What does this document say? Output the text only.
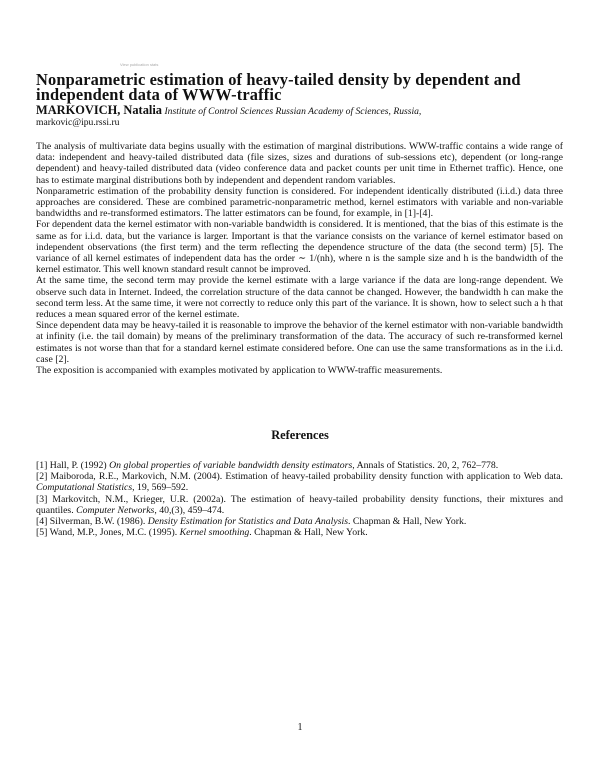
View publication stats
Nonparametric estimation of heavy-tailed density by dependent and independent data of WWW-traffic
MARKOVICH, Natalia Institute of Control Sciences Russian Academy of Sciences, Russia,
markovic@ipu.rssi.ru

The analysis of multivariate data begins usually with the estimation of marginal distributions. WWW-traffic contains a wide range of data: independent and heavy-tailed distributed data (file sizes, sizes and durations of sub-sessions etc), dependent (or long-range dependent) and heavy-tailed distributed data (video conference data and packet counts per unit time in Ethernet traffic). Hence, one has to estimate marginal distributions both by independent and dependent random variables.

Nonparametric estimation of the probability density function is considered. For independent identically distributed (i.i.d.) data three approaches are considered. These are combined parametric-nonparametric method, kernel estimators with variable and non-variable bandwidths and re-transformed estimators. The latter estimators can be found, for example, in [1]-[4].

For dependent data the kernel estimator with non-variable bandwidth is considered. It is mentioned, that the bias of this estimate is the same as for i.i.d. data, but the variance is larger. Important is that the variance consists on the variance of kernel estimator based on independent observations (the first term) and the term reflecting the dependence structure of the data (the second term) [5]. The variance of all kernel estimates of independent data has the order ∼ 1/(nh), where n is the sample size and h is the bandwidth of the kernel estimator. This well known standard result cannot be improved.

At the same time, the second term may provide the kernel estimate with a large variance if the data are long-range dependent. We observe such data in Internet. Indeed, the correlation structure of the data cannot be changed. However, the bandwidth h can make the second term less. At the same time, it were not correctly to reduce only this part of the variance. It is shown, how to select such a h that reduces a mean squared error of the kernel estimate.

Since dependent data may be heavy-tailed it is reasonable to improve the behavior of the kernel estimator with non-variable bandwidth at infinity (i.e. the tail domain) by means of the preliminary transformation of the data. The accuracy of such re-transformed kernel estimates is not worse than that for a standard kernel estimate considered before. One can use the same transformations as in the i.i.d. case [2].

The exposition is accompanied with examples motivated by application to WWW-traffic measurements.

References

[1] Hall, P. (1992) On global properties of variable bandwidth density estimators, Annals of Statistics. 20, 2, 762–778.

[2] Maiboroda, R.E., Markovich, N.M. (2004). Estimation of heavy-tailed probability density function with application to Web data. Computational Statistics, 19, 569–592.

[3] Markovitch, N.M., Krieger, U.R. (2002a). The estimation of heavy-tailed probability density functions, their mixtures and quantiles. Computer Networks, 40,(3), 459–474.

[4] Silverman, B.W. (1986). Density Estimation for Statistics and Data Analysis. Chapman & Hall, New York.

[5] Wand, M.P., Jones, M.C. (1995). Kernel smoothing. Chapman & Hall, New York.

1
